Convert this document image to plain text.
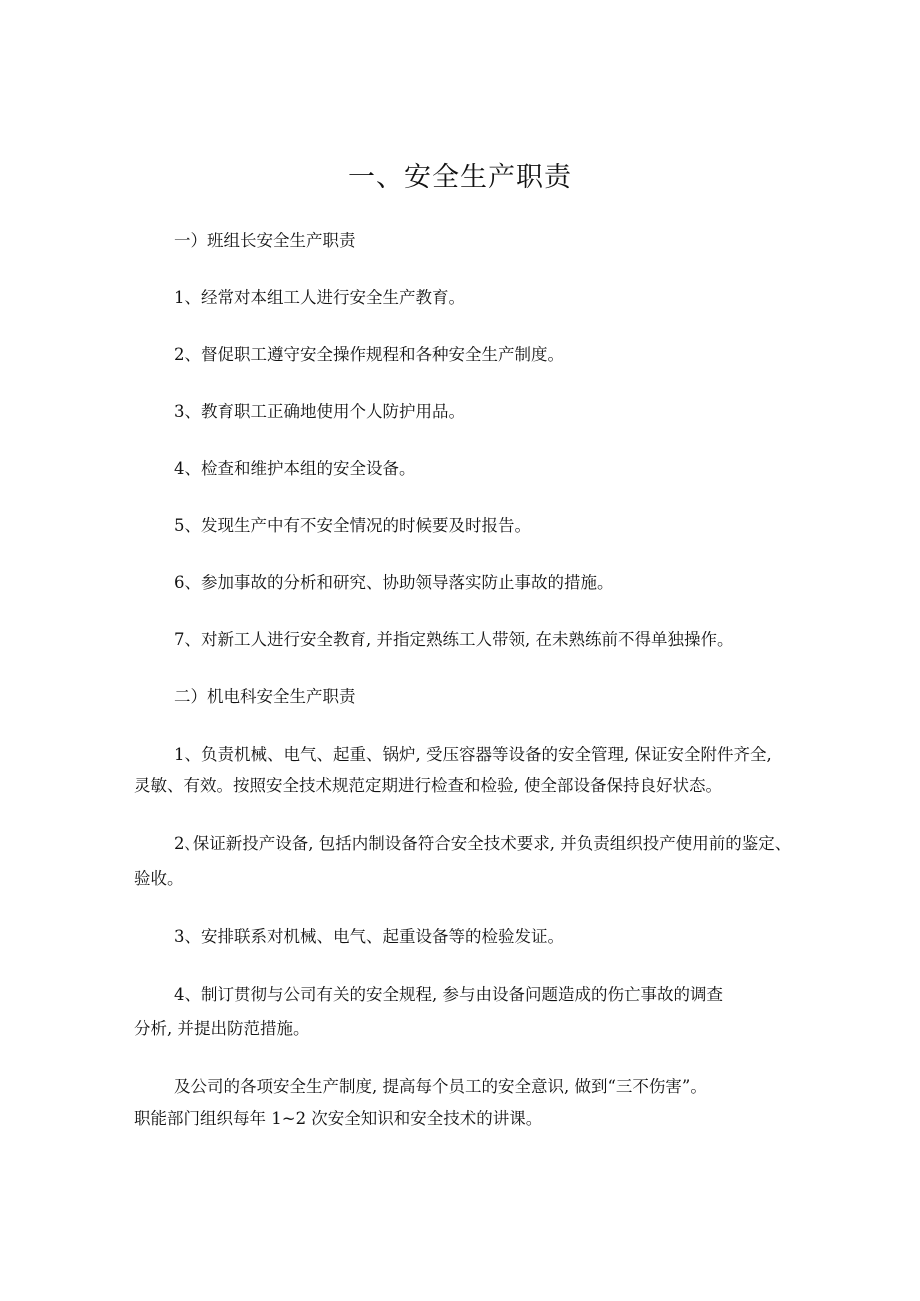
一、安全生产职责
一）班组长安全生产职责
1、经常对本组工人进行安全生产教育。
2、督促职工遵守安全操作规程和各种安全生产制度。
3、教育职工正确地使用个人防护用品。
4、检查和维护本组的安全设备。
5、发现生产中有不安全情况的时候要及时报告。
6、参加事故的分析和研究、协助领导落实防止事故的措施。
7、对新工人进行安全教育, 并指定熟练工人带领, 在未熟练前不得单独操作。
二）机电科安全生产职责
1、负责机械、电气、起重、锅炉, 受压容器等设备的安全管理, 保证安全附件齐全,
灵敏、有效。按照安全技术规范定期进行检查和检验, 使全部设备保持良好状态。
2､保证新投产设备, 包括内制设备符合安全技术要求, 并负责组织投产使用前的鉴定、
验收。
3、安排联系对机械、电气、起重设备等的检验发证。
4、制订贯彻与公司有关的安全规程, 参与由设备问题造成的伤亡事故的调查
分析, 并提出防范措施。
及公司的各项安全生产制度, 提高每个员工的安全意识, 做到“三不伤害”。
职能部门组织每年 1~2 次安全知识和安全技术的讲课。
